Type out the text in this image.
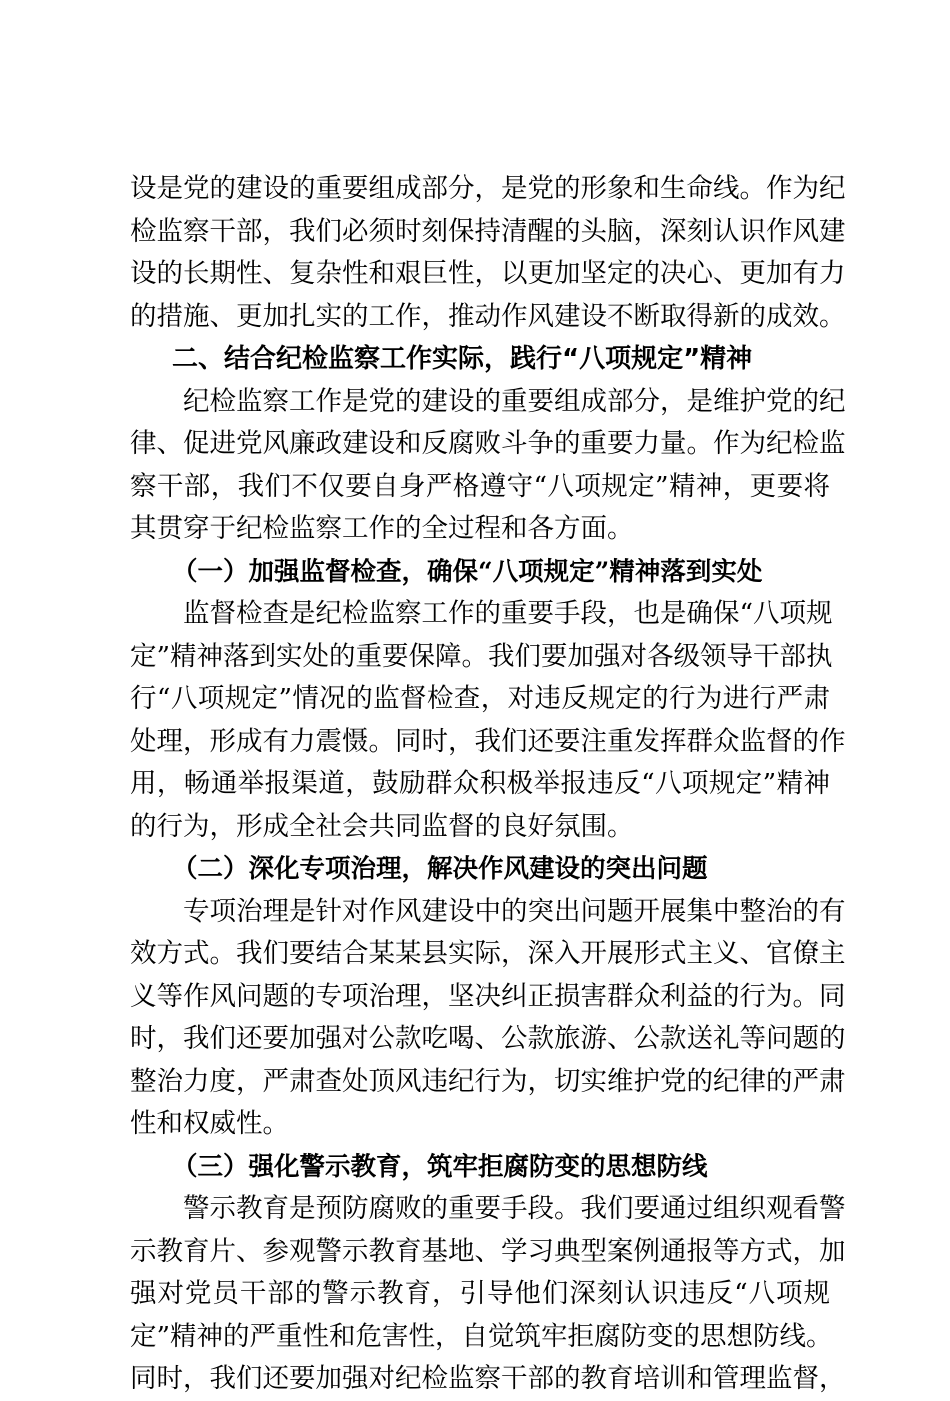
设是党的建设的重要组成部分，是党的形象和生命线。作为纪
检监察干部，我们必须时刻保持清醒的头脑，深刻认识作风建
设的长期性、复杂性和艰巨性，以更加坚定的决心、更加有力
的措施、更加扎实的工作，推动作风建设不断取得新的成效。
二、结合纪检监察工作实际，践行“八项规定”精神
纪检监察工作是党的建设的重要组成部分，是维护党的纪
律、促进党风廉政建设和反腐败斗争的重要力量。作为纪检监
察干部，我们不仅要自身严格遵守“八项规定”精神，更要将
其贯穿于纪检监察工作的全过程和各方面。
（一）加强监督检查，确保“八项规定”精神落到实处
监督检查是纪检监察工作的重要手段，也是确保“八项规
定”精神落到实处的重要保障。我们要加强对各级领导干部执
行“八项规定”情况的监督检查，对违反规定的行为进行严肃
处理，形成有力震慑。同时，我们还要注重发挥群众监督的作
用，畅通举报渠道，鼓励群众积极举报违反“八项规定”精神
的行为，形成全社会共同监督的良好氛围。
（二）深化专项治理，解决作风建设的突出问题
专项治理是针对作风建设中的突出问题开展集中整治的有
效方式。我们要结合某某县实际，深入开展形式主义、官僚主
义等作风问题的专项治理，坚决纠正损害群众利益的行为。同
时，我们还要加强对公款吃喝、公款旅游、公款送礼等问题的
整治力度，严肃查处顶风违纪行为，切实维护党的纪律的严肃
性和权威性。
（三）强化警示教育，筑牢拒腐防变的思想防线
警示教育是预防腐败的重要手段。我们要通过组织观看警
示教育片、参观警示教育基地、学习典型案例通报等方式，加
强对党员干部的警示教育，引导他们深刻认识违反“八项规
定”精神的严重性和危害性，自觉筑牢拒腐防变的思想防线。
同时，我们还要加强对纪检监察干部的教育培训和管理监督，
